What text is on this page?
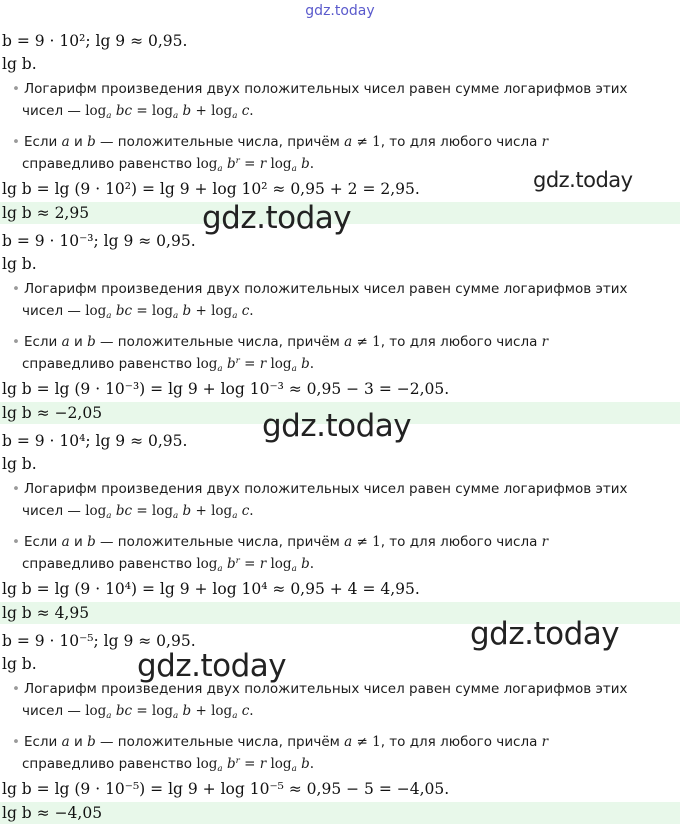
gdz.today
b = 9 · 10²; lg 9 ≈ 0,95.
lg b.
• Логарифм произведения двух положительных чисел равен сумме логарифмов этих
чисел — $\log_a$ bc = $\log_a b + \log_a c$.
• Если a и b — положительные числа, причём a ≠ 1, то для любого числа r
справедливо равенство $\log_a b^r = r$ $\log_a b$.
lg b = lg (9 · 10²) = lg 9 + log 10² ≈ 0,95 + 2 = 2,95.
lg b ≈ 2,95
b = 9 · 10⁻³; lg 9 ≈ 0,95.
lg b.
• Логарифм произведения двух положительных чисел равен сумме логарифмов этих
чисел — $\log_a$ bc = $\log_a b + \log_a c$.
• Если a и b — положительные числа, причём a ≠ 1, то для любого числа r
справедливо равенство $\log_a b^r = r$ $\log_a b$.
lg b = lg (9 · 10⁻³) = lg 9 + log 10⁻³ ≈ 0,95 − 3 = −2,05.
lg b ≈ −2,05
b = 9 · 10⁴; lg 9 ≈ 0,95.
lg b.
• Логарифм произведения двух положительных чисел равен сумме логарифмов этих
чисел — $\log_a$ bc = $\log_a b + \log_a c$.
• Если a и b — положительные числа, причём a ≠ 1, то для любого числа r
справедливо равенство $\log_a b^r = r$ $\log_a b$.
lg b = lg (9 · 10⁴) = lg 9 + log 10⁴ ≈ 0,95 + 4 = 4,95.
lg b ≈ 4,95
b = 9 · 10⁻⁵; lg 9 ≈ 0,95.
lg b.
• Логарифм произведения двух положительных чисел равен сумме логарифмов этих
чисел — $\log_a$ bc = $\log_a b + \log_a c$.
• Если a и b — положительные числа, причём a ≠ 1, то для любого числа r
справедливо равенство $\log_a b^r = r$ $\log_a b$.
lg b = lg (9 · 10⁻⁵) = lg 9 + log 10⁻⁵ ≈ 0,95 − 5 = −4,05.
lg b ≈ −4,05
gdz.today
gdz.today
gdz.today
gdz.today
gdz.today
